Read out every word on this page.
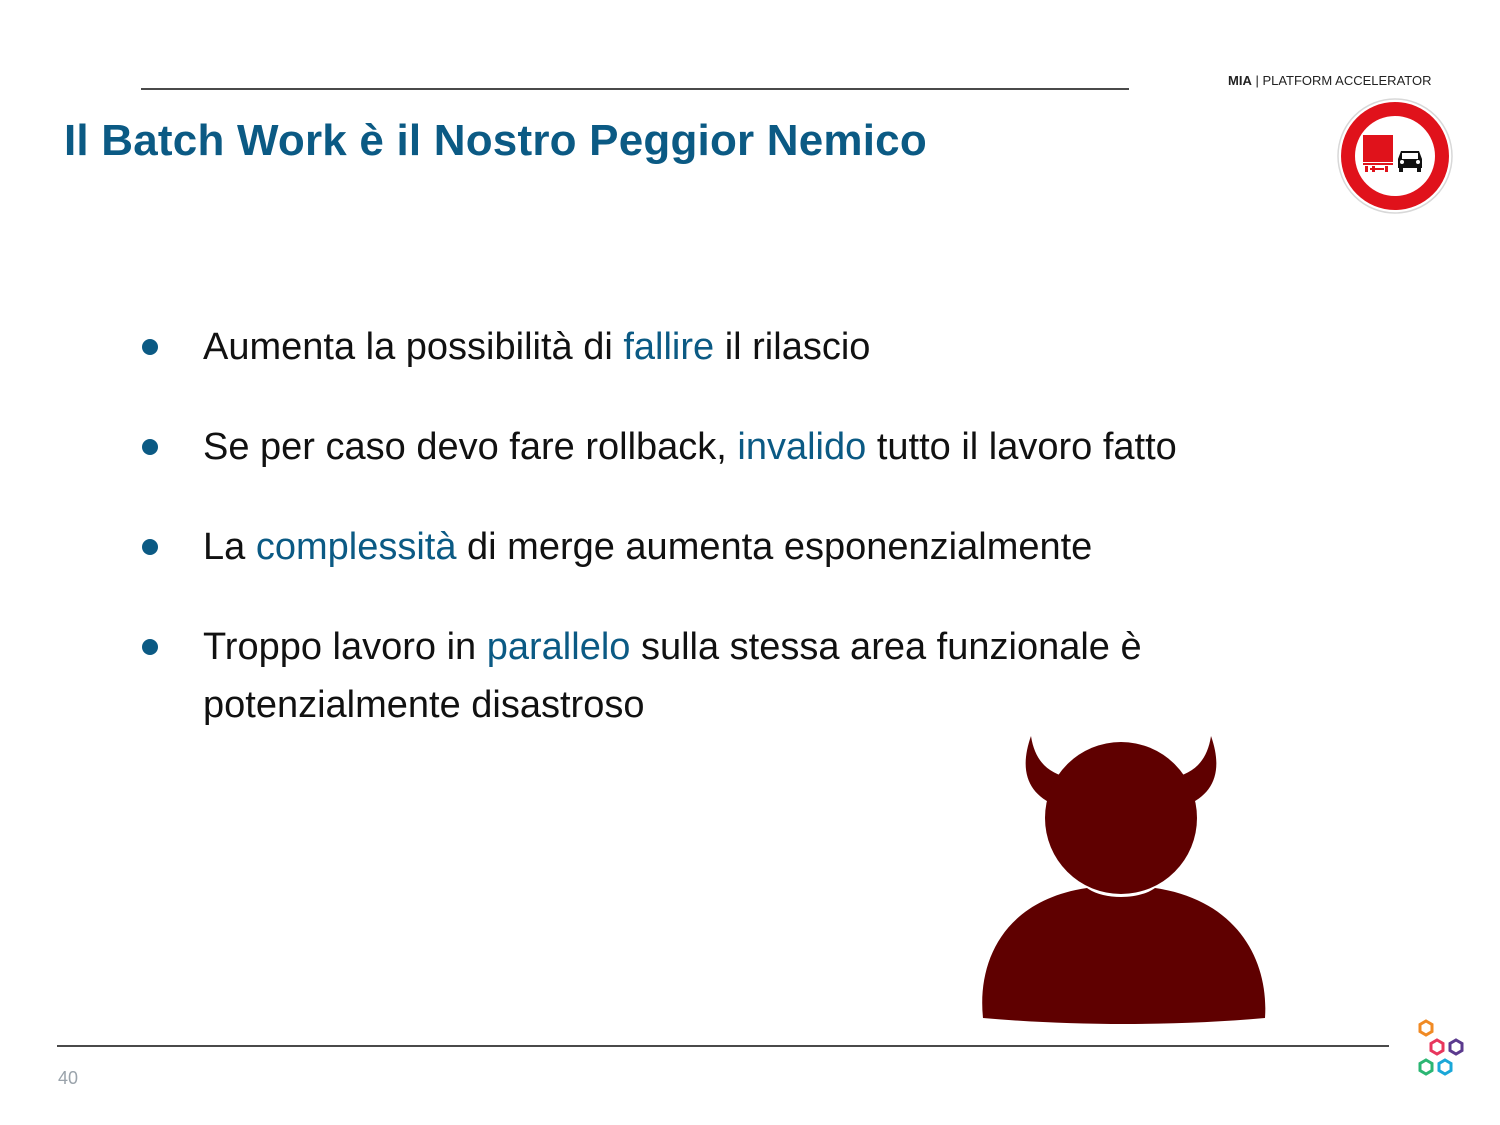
MIA | PLATFORM ACCELERATOR
Il Batch Work è il Nostro Peggior Nemico
Aumenta la possibilità di fallire il rilascio
Se per caso devo fare rollback, invalido tutto il lavoro fatto
La complessità di merge aumenta esponenzialmente
Troppo lavoro in parallelo sulla stessa area funzionale è potenzialmente disastroso
40
